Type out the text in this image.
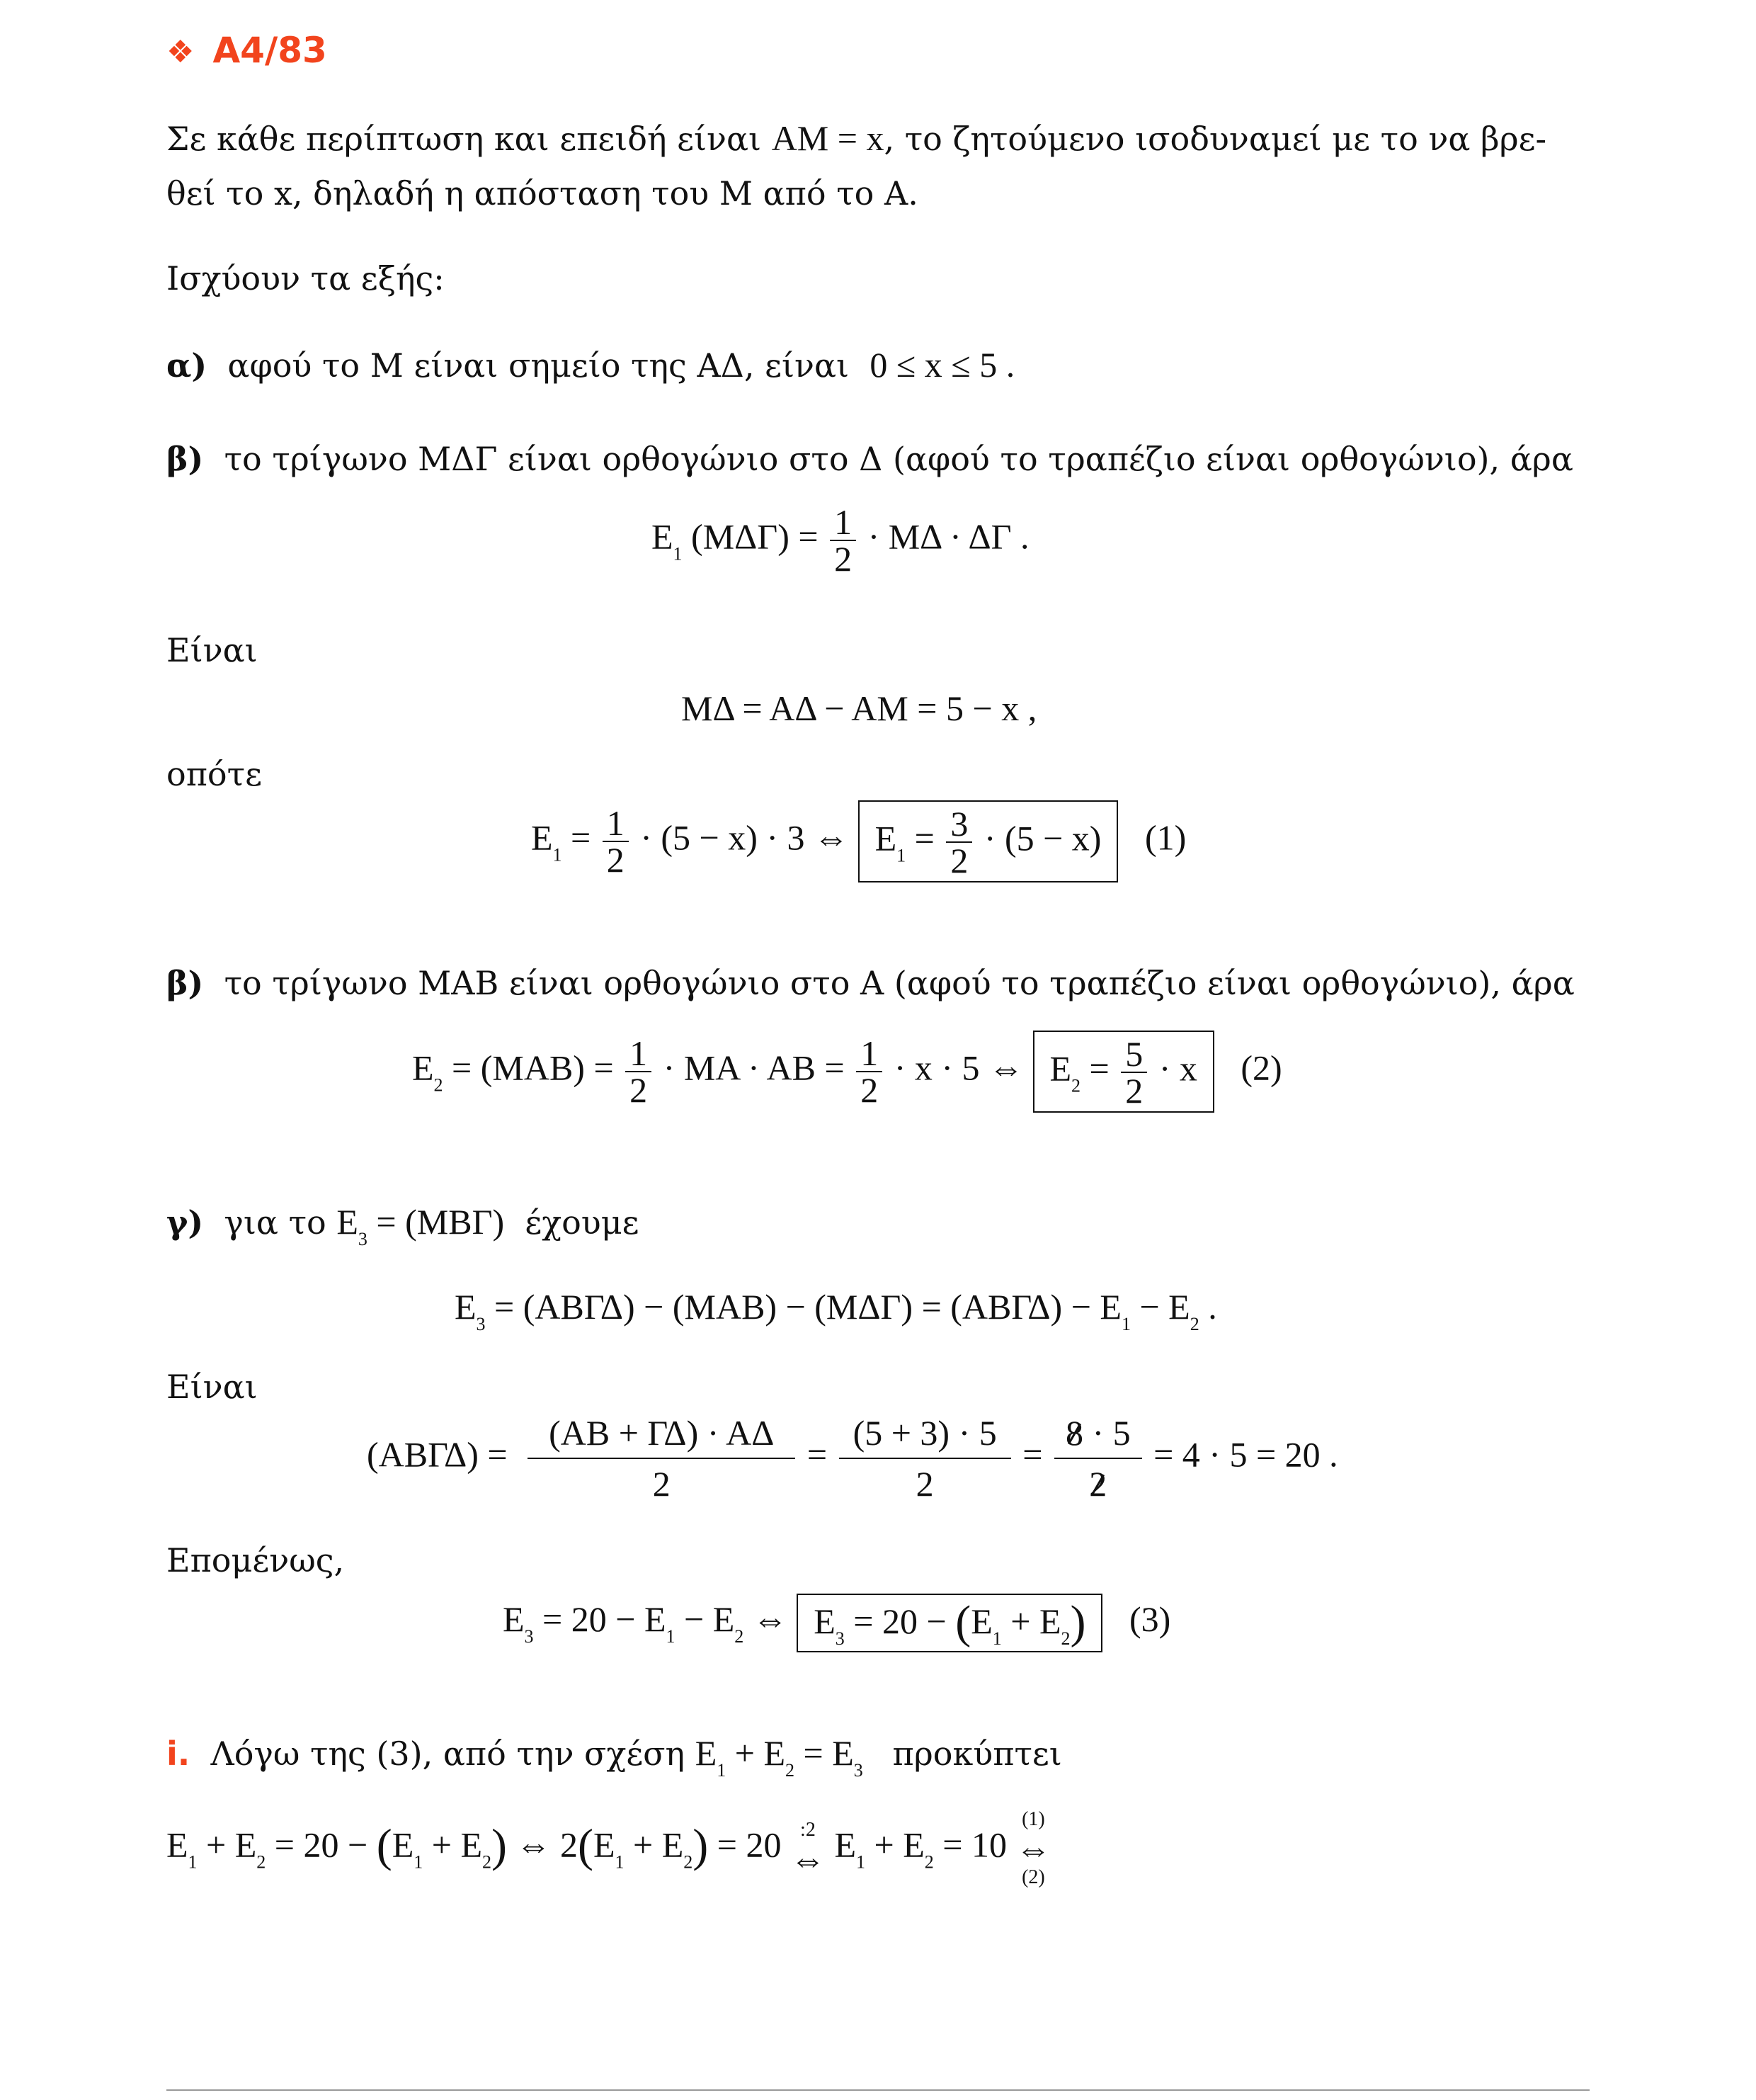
❖ Α4/83
Σε κάθε περίπτωση και επειδή είναι ΑΜ = x, το ζητούμενο ισοδυναμεί με το να βρε-
θεί το x, δηλαδή η απόσταση του Μ από το Α.
Ισχύουν τα εξής:
α) αφού το Μ είναι σημείο της ΑΔ, είναι 0 ≤ x ≤ 5 .
β) το τρίγωνο ΜΔΓ είναι ορθογώνιο στο Δ (αφού το τραπέζιο είναι ορθογώνιο), άρα
$E_1$ $(M\Delta\Gamma) = \frac{1}{2} \cdot M\Delta \cdot \Delta\Gamma$ .
Είναι
ΜΔ = ΑΔ − ΑΜ = 5 − x ,
οπότε
$E_1 = \frac{1}{2} \cdot (5 - x) \cdot 3$ ⇔ $E_1 = \frac{3}{2} \cdot (5 - x)$ (1)
β) το τρίγωνο ΜΑΒ είναι ορθογώνιο στο Α (αφού το τραπέζιο είναι ορθογώνιο), άρα
$E_2 = (MAB) = \frac{1}{2} \cdot MA \cdot AB = \frac{1}{2} \cdot x \cdot 5$ ⇔ $E_2 = \frac{5}{2} \cdot x$ (2)
γ) για το $E_3 = (MB\Gamma)$ έχουμε
$E_3 = (AB\Gamma\Delta) - (MAB) - (M\Delta\Gamma) = (AB\Gamma\Delta) - E_1 - E_2$ .
Είναι
$(AB\Gamma\Delta) = \frac{(AB + \Gamma\Delta) \cdot A\Delta}{2} = \frac{(5 + 3) \cdot 5}{2} = \frac{8 \cdot 5}{2} = 4 \cdot 5 = 20$ .
Επομένως,
$E_3 = 20 - E_1 - E_2$ ⇔ $E_3 = 20 - (E_1 + E_2)$ (3)
i. Λόγω της (3), από την σχέση $E_1 + E_2 = E_3$ προκύπτει
$E_1 + E_2 = 20 - (E_1 + E_2)$ ⇔ $2(E_1 + E_2) = 20$ :2
⇔ $E_1 + E_2 = 10$
(1)
⇔
(2)
